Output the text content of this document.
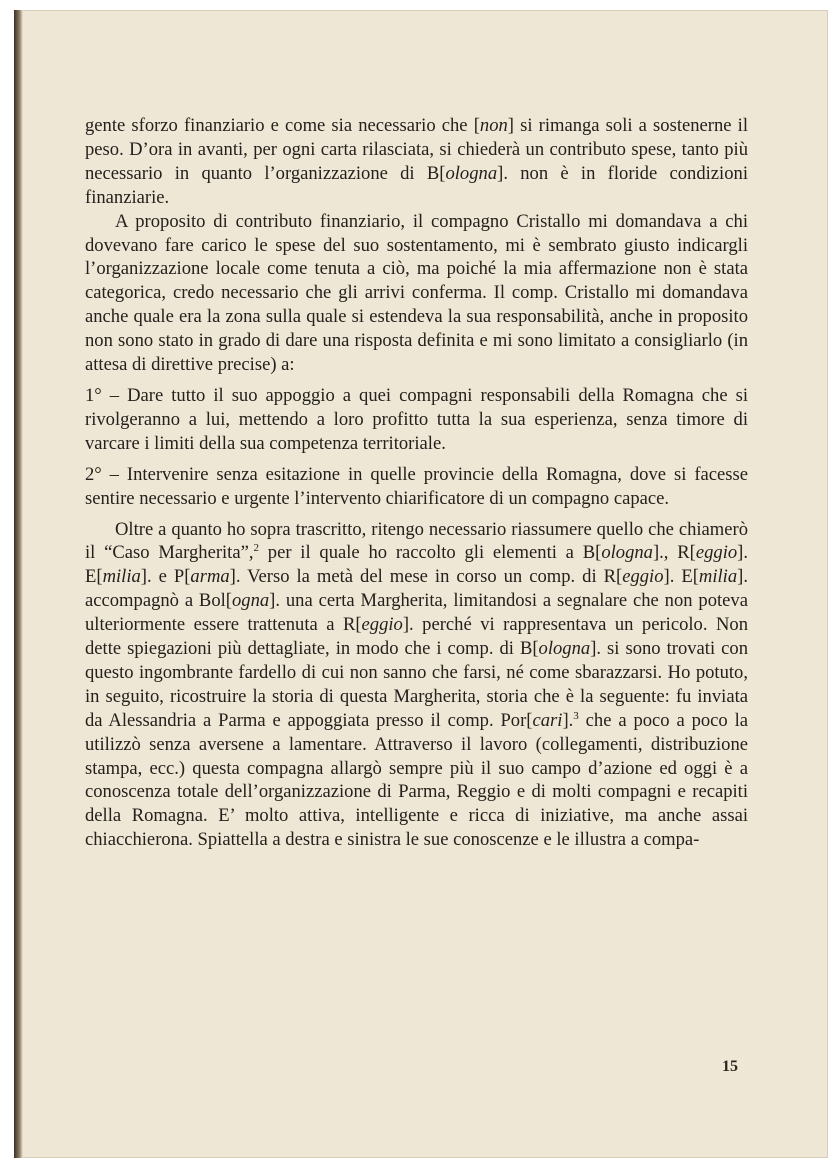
gente sforzo finanziario e come sia necessario che [non] si rimanga soli a sostenerne il peso. D’ora in avanti, per ogni carta rilasciata, si chiederà un contributo spese, tanto più necessario in quanto l’organizzazione di B[ologna]. non è in floride condizioni finanziarie.

A proposito di contributo finanziario, il compagno Cristallo mi domandava a chi dovevano fare carico le spese del suo sostentamento, mi è sembrato giusto indicargli l’organizzazione locale come tenuta a ciò, ma poiché la mia affermazione non è stata categorica, credo necessario che gli arrivi conferma. Il comp. Cristallo mi domandava anche quale era la zona sulla quale si estendeva la sua responsabilità, anche in proposito non sono stato in grado di dare una risposta definita e mi sono limitato a consigliarlo (in attesa di direttive precise) a:

1° – Dare tutto il suo appoggio a quei compagni responsabili della Romagna che si rivolgeranno a lui, mettendo a loro profitto tutta la sua esperienza, senza timore di varcare i limiti della sua competenza territoriale.

2° – Intervenire senza esitazione in quelle provincie della Romagna, dove si facesse sentire necessario e urgente l’intervento chiarificatore di un compagno capace.

Oltre a quanto ho sopra trascritto, ritengo necessario riassumere quello che chiamerò il “Caso Margherita”,$^2$ per il quale ho raccolto gli elementi a B[ologna]., R[eggio]. E[milia]. e P[arma]. Verso la metà del mese in corso un comp. di R[eggio]. E[milia]. accompagnò a Bol[ogna]. una certa Margherita, limitandosi a segnalare che non poteva ulteriormente essere trattenuta a R[eggio]. perché vi rappresentava un pericolo. Non dette spiegazioni più dettagliate, in modo che i comp. di B[ologna]. si sono trovati con questo ingombrante fardello di cui non sanno che farsi, né come sbarazzarsi. Ho potuto, in seguito, ricostruire la storia di questa Margherita, storia che è la seguente: fu inviata da Alessandria a Parma e appoggiata presso il comp. Por[cari].$^3$ che a poco a poco la utilizzò senza aversene a lamentare. Attraverso il lavoro (collegamenti, distribuzione stampa, ecc.) questa compagna allargò sempre più il suo campo d’azione ed oggi è a conoscenza totale dell’organizzazione di Parma, Reggio e di molti compagni e recapiti della Romagna. E’ molto attiva, intelligente e ricca di iniziative, ma anche assai chiacchierona. Spiattella a destra e sinistra le sue conoscenze e le illustra a compa-

15
